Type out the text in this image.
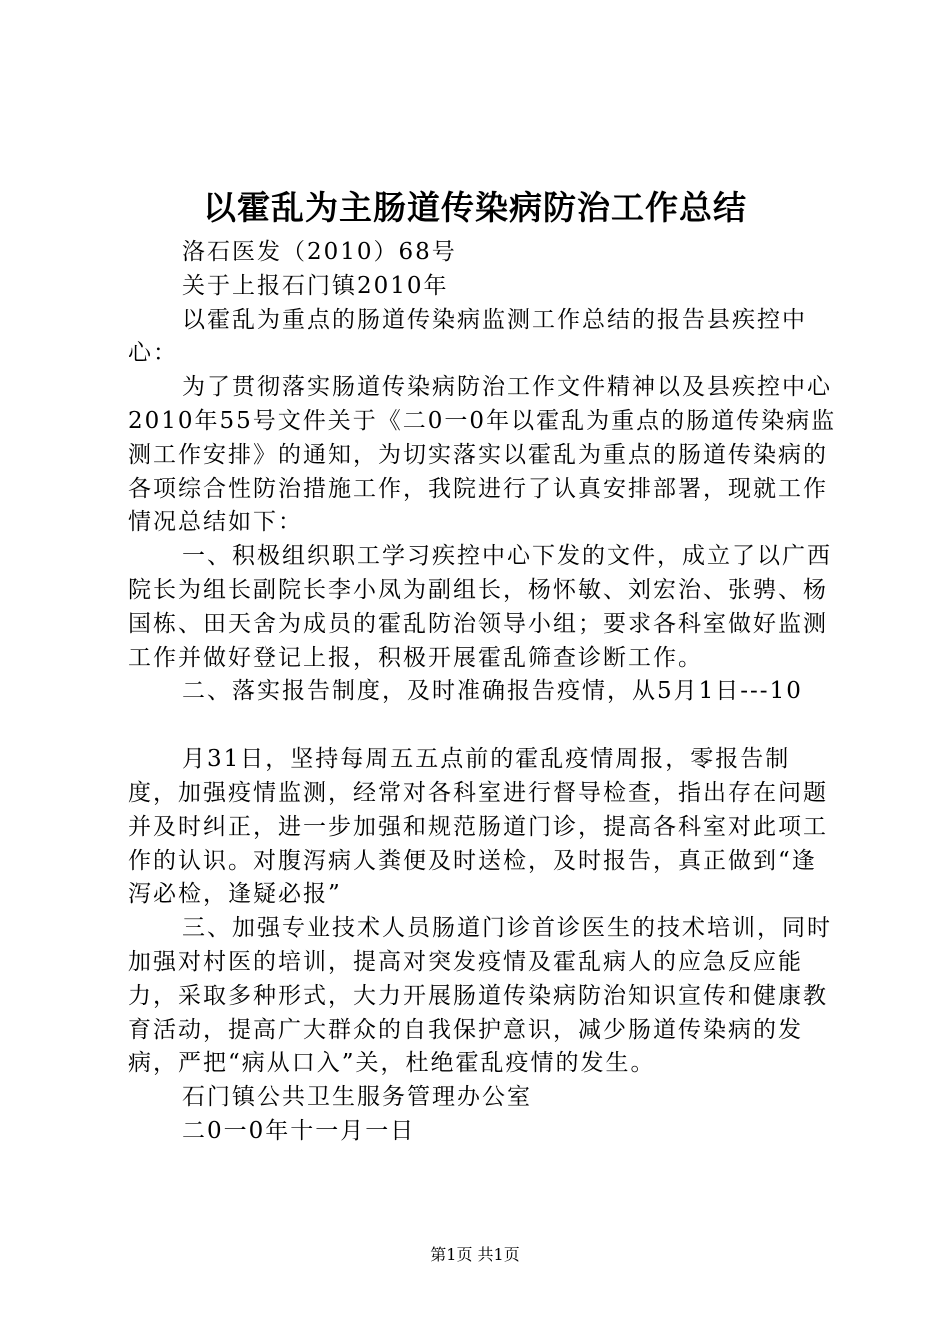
以霍乱为主肠道传染病防治工作总结

洛石医发（2010）68号

关于上报石门镇2010年

以霍乱为重点的肠道传染病监测工作总结的报告县疾控中心：

为了贯彻落实肠道传染病防治工作文件精神以及县疾控中心2010年55号文件关于《二0一0年以霍乱为重点的肠道传染病监测工作安排》的通知，为切实落实以霍乱为重点的肠道传染病的各项综合性防治措施工作，我院进行了认真安排部署，现就工作情况总结如下：

一、积极组织职工学习疾控中心下发的文件，成立了以广西院长为组长副院长李小凤为副组长，杨怀敏、刘宏治、张骋、杨国栋、田天舍为成员的霍乱防治领导小组；要求各科室做好监测工作并做好登记上报，积极开展霍乱筛查诊断工作。

二、落实报告制度，及时准确报告疫情，从5月1日---10

月31日，坚持每周五五点前的霍乱疫情周报，零报告制度，加强疫情监测，经常对各科室进行督导检查，指出存在问题并及时纠正，进一步加强和规范肠道门诊，提高各科室对此项工作的认识。对腹泻病人粪便及时送检，及时报告，真正做到“逢泻必检，逢疑必报”

三、加强专业技术人员肠道门诊首诊医生的技术培训，同时加强对村医的培训，提高对突发疫情及霍乱病人的应急反应能力，采取多种形式，大力开展肠道传染病防治知识宣传和健康教育活动，提高广大群众的自我保护意识，减少肠道传染病的发病，严把“病从口入”关，杜绝霍乱疫情的发生。

石门镇公共卫生服务管理办公室

二0一0年十一月一日

第1页 共1页
